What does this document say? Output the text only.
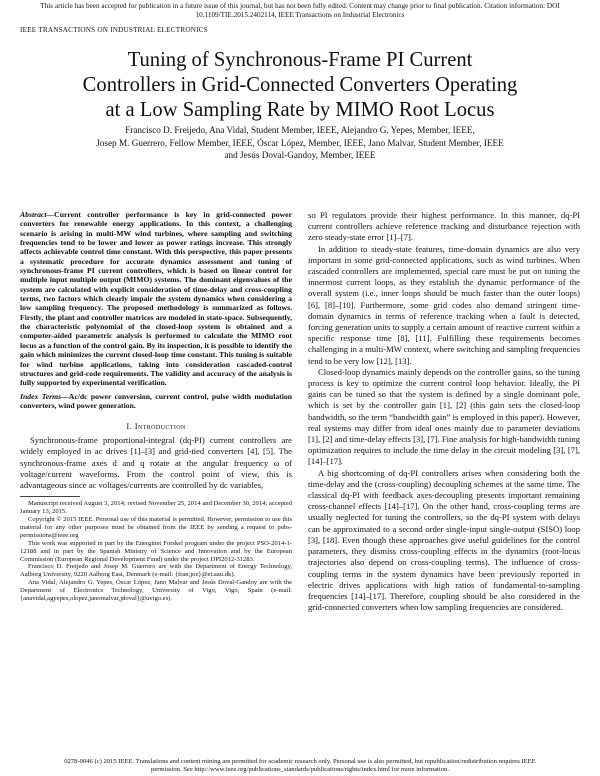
This article has been accepted for publication in a future issue of this journal, but has not been fully edited. Content may change prior to final publication. Citation information: DOI
10.1109/TIE.2015.2402114, IEEE Transactions on Industrial Electronics
IEEE TRANSACTIONS ON INDUSTRIAL ELECTRONICS
Tuning of Synchronous-Frame PI Current
Controllers in Grid-Connected Converters Operating
at a Low Sampling Rate by MIMO Root Locus
Francisco D. Freijedo, Ana Vidal, Student Member, IEEE, Alejandro G. Yepes, Member, IEEE,
Josep M. Guerrero, Fellow Member, IEEE, Óscar López, Member, IEEE, Jano Malvar, Student Member, IEEE
and Jesús Doval-Gandoy, Member, IEEE

Abstract—Current controller performance is key in grid-connected power converters for renewable energy applications. In this context, a challenging scenario is arising in multi-MW wind turbines, where sampling and switching frequencies tend to be lower and lower as power ratings increase. This strongly affects achievable control time constant. With this perspective, this paper presents a systematic procedure for accurate dynamics assessment and tuning of synchronous-frame PI current controllers, which is based on linear control for multiple input multiple output (MIMO) systems. The dominant eigenvalues of the system are calculated with explicit consideration of time-delay and cross-coupling terms, two factors which clearly impair the system dynamics when considering a low sampling frequency. The proposed methodology is summarized as follows. Firstly, the plant and controller matrices are modeled in state-space. Subsequently, the characteristic polynomial of the closed-loop system is obtained and a computer-aided parametric analysis is performed to calculate the MIMO root locus as a function of the control gain. By its inspection, it is possible to identify the gain which minimizes the current closed-loop time constant. This tuning is suitable for wind turbine applications, taking into consideration cascaded-control structures and grid-code requirements. The validity and accuracy of the analysis is fully supported by experimental verification.

Index Terms—Ac/dc power conversion, current control, pulse width modulation converters, wind power generation.

I. Introduction

Synchronous-frame proportional-integral (dq-PI) current controllers are widely employed in ac drives [1]–[3] and grid-tied converters [4], [5]. The synchronous-frame axes d and q rotate at the angular frequency ω of voltage/current waveforms. From the control point of view, this is advantageous since ac voltages/currents are controlled by dc variables,

Manuscript received August 3, 2014; revised November 25, 2014 and December 30, 2014; accepted January 13, 2015.

Copyright © 2015 IEEE. Personal use of this material is permitted. However, permission to use this material for any other purposes must be obtained from the IEEE by sending a request to pubs-permissions@ieee.org

This work was supported in part by the Energinet Forskel program under the project PSO-2014-1-12188 and in part by the Spanish Ministry of Science and Innovation and by the European Commission (European Regional Development Fund) under the project DPI2012-31283.

Francisco D. Freijedo and Josep M. Guerrero are with the Department of Energy Technology, Aalborg University, 9220 Aalborg East, Denmark (e-mail: {fran,joz}@et.aau.dk).

Ana Vidal, Alejandro G. Yepes, Óscar López, Jano Malvar and Jesús Doval-Gandoy are with the Department of Electronics Technology, University of Vigo, Vigo, Spain (e-mail: {anavidal,agyepes,olopez,janomalvar,jdoval}@uvigo.es).

so PI regulators provide their highest performance. In this manner, dq-PI current controllers achieve reference tracking and disturbance rejection with zero steady-state error [1]–[7].

In addition to steady-state features, time-domain dynamics are also very important in some grid-connected applications, such as wind turbines. When cascaded controllers are implemented, special care must be put on tuning the innermost current loops, as they establish the dynamic performance of the overall system (i.e., inner loops should be much faster than the outer loops) [6], [8]–[10]. Furthermore, some grid codes also demand stringent time-domain dynamics in terms of reference tracking when a fault is detected, forcing generation units to supply a certain amount of reactive current within a specific response time [8], [11]. Fulfilling these requirements becomes challenging in a multi-MW context, where switching and sampling frequencies tend to be very low [12], [13].

Closed-loop dynamics mainly depends on the controller gains, so the tuning process is key to optimize the current control loop behavior. Ideally, the PI gains can be tuned so that the system is defined by a single dominant pole, which is set by the controller gain [1], [2] (this gain sets the closed-loop bandwidth, so the term “bandwidth gain” is employed in this paper). However, real systems may differ from ideal ones mainly due to parameter deviations [1], [2] and time-delay effects [3], [7]. Fine analysis for high-bandwidth tuning optimization requires to include the time delay in the circuit modeling [3], [7], [14]–[17].

A big shortcoming of dq-PI controllers arises when considering both the time-delay and the (cross-coupling) decoupling schemes at the same time. The classical dq-PI with feedback axes-decoupling presents important remaining cross-channel effects [14]–[17]. On the other hand, cross-coupling terms are usually neglected for tuning the controllers, so the dq-PI system with delays can be approximated to a second order single-input single-output (SISO) loop [3], [18]. Even though these approaches give useful guidelines for the control parameters, they dismiss cross-coupling effects in the dynamics (root-locus trajectories also depend on cross-coupling terms). The influence of cross-coupling terms in the system dynamics have been previously reported in electric drives applications with high ratios of fundamental-to-sampling frequencies [14]–[17]. Therefore, coupling should be also considered in the grid-connected converters when low sampling frequencies are considered.

0278-0046 (c) 2015 IEEE. Translations and content mining are permitted for academic research only. Personal use is also permitted, but republication/redistribution requires IEEE
permission. See http://www.ieee.org/publications_standards/publications/rights/index.html for more information.
